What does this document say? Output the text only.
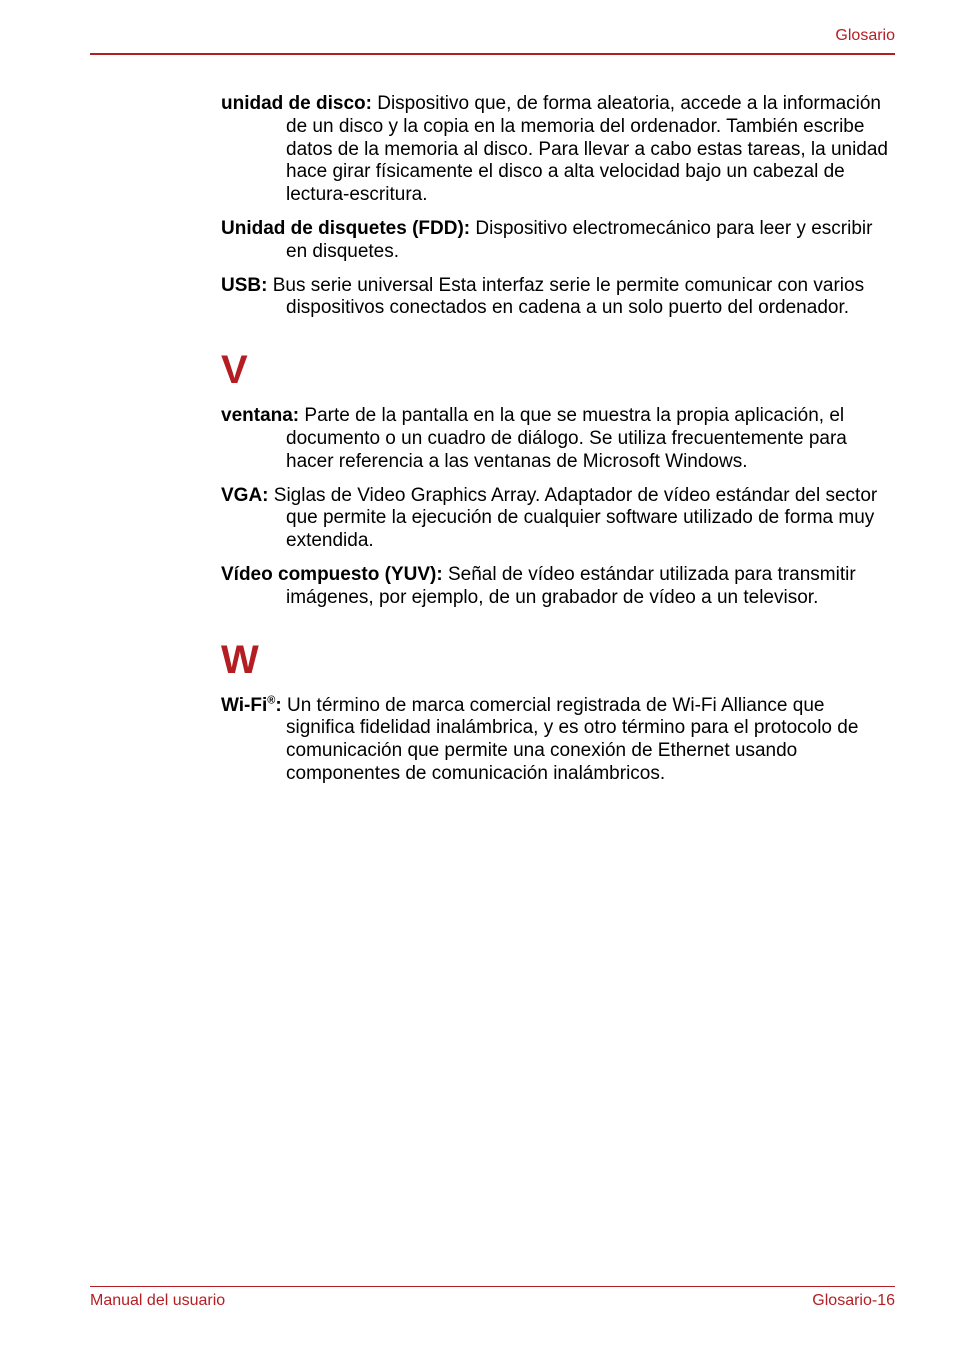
Glosario

unidad de disco: Dispositivo que, de forma aleatoria, accede a la información de un disco y la copia en la memoria del ordenador. También escribe datos de la memoria al disco. Para llevar a cabo estas tareas, la unidad hace girar físicamente el disco a alta velocidad bajo un cabezal de lectura-escritura.

Unidad de disquetes (FDD): Dispositivo electromecánico para leer y escribir en disquetes.

USB: Bus serie universal Esta interfaz serie le permite comunicar con varios dispositivos conectados en cadena a un solo puerto del ordenador.

V

ventana: Parte de la pantalla en la que se muestra la propia aplicación, el documento o un cuadro de diálogo. Se utiliza frecuentemente para hacer referencia a las ventanas de Microsoft Windows.

VGA: Siglas de Video Graphics Array. Adaptador de vídeo estándar del sector que permite la ejecución de cualquier software utilizado de forma muy extendida.

Vídeo compuesto (YUV): Señal de vídeo estándar utilizada para transmitir imágenes, por ejemplo, de un grabador de vídeo a un televisor.

W

Wi-Fi®: Un término de marca comercial registrada de Wi-Fi Alliance que significa fidelidad inalámbrica, y es otro término para el protocolo de comunicación que permite una conexión de Ethernet usando componentes de comunicación inalámbricos.

Manual del usuario	Glosario-16
